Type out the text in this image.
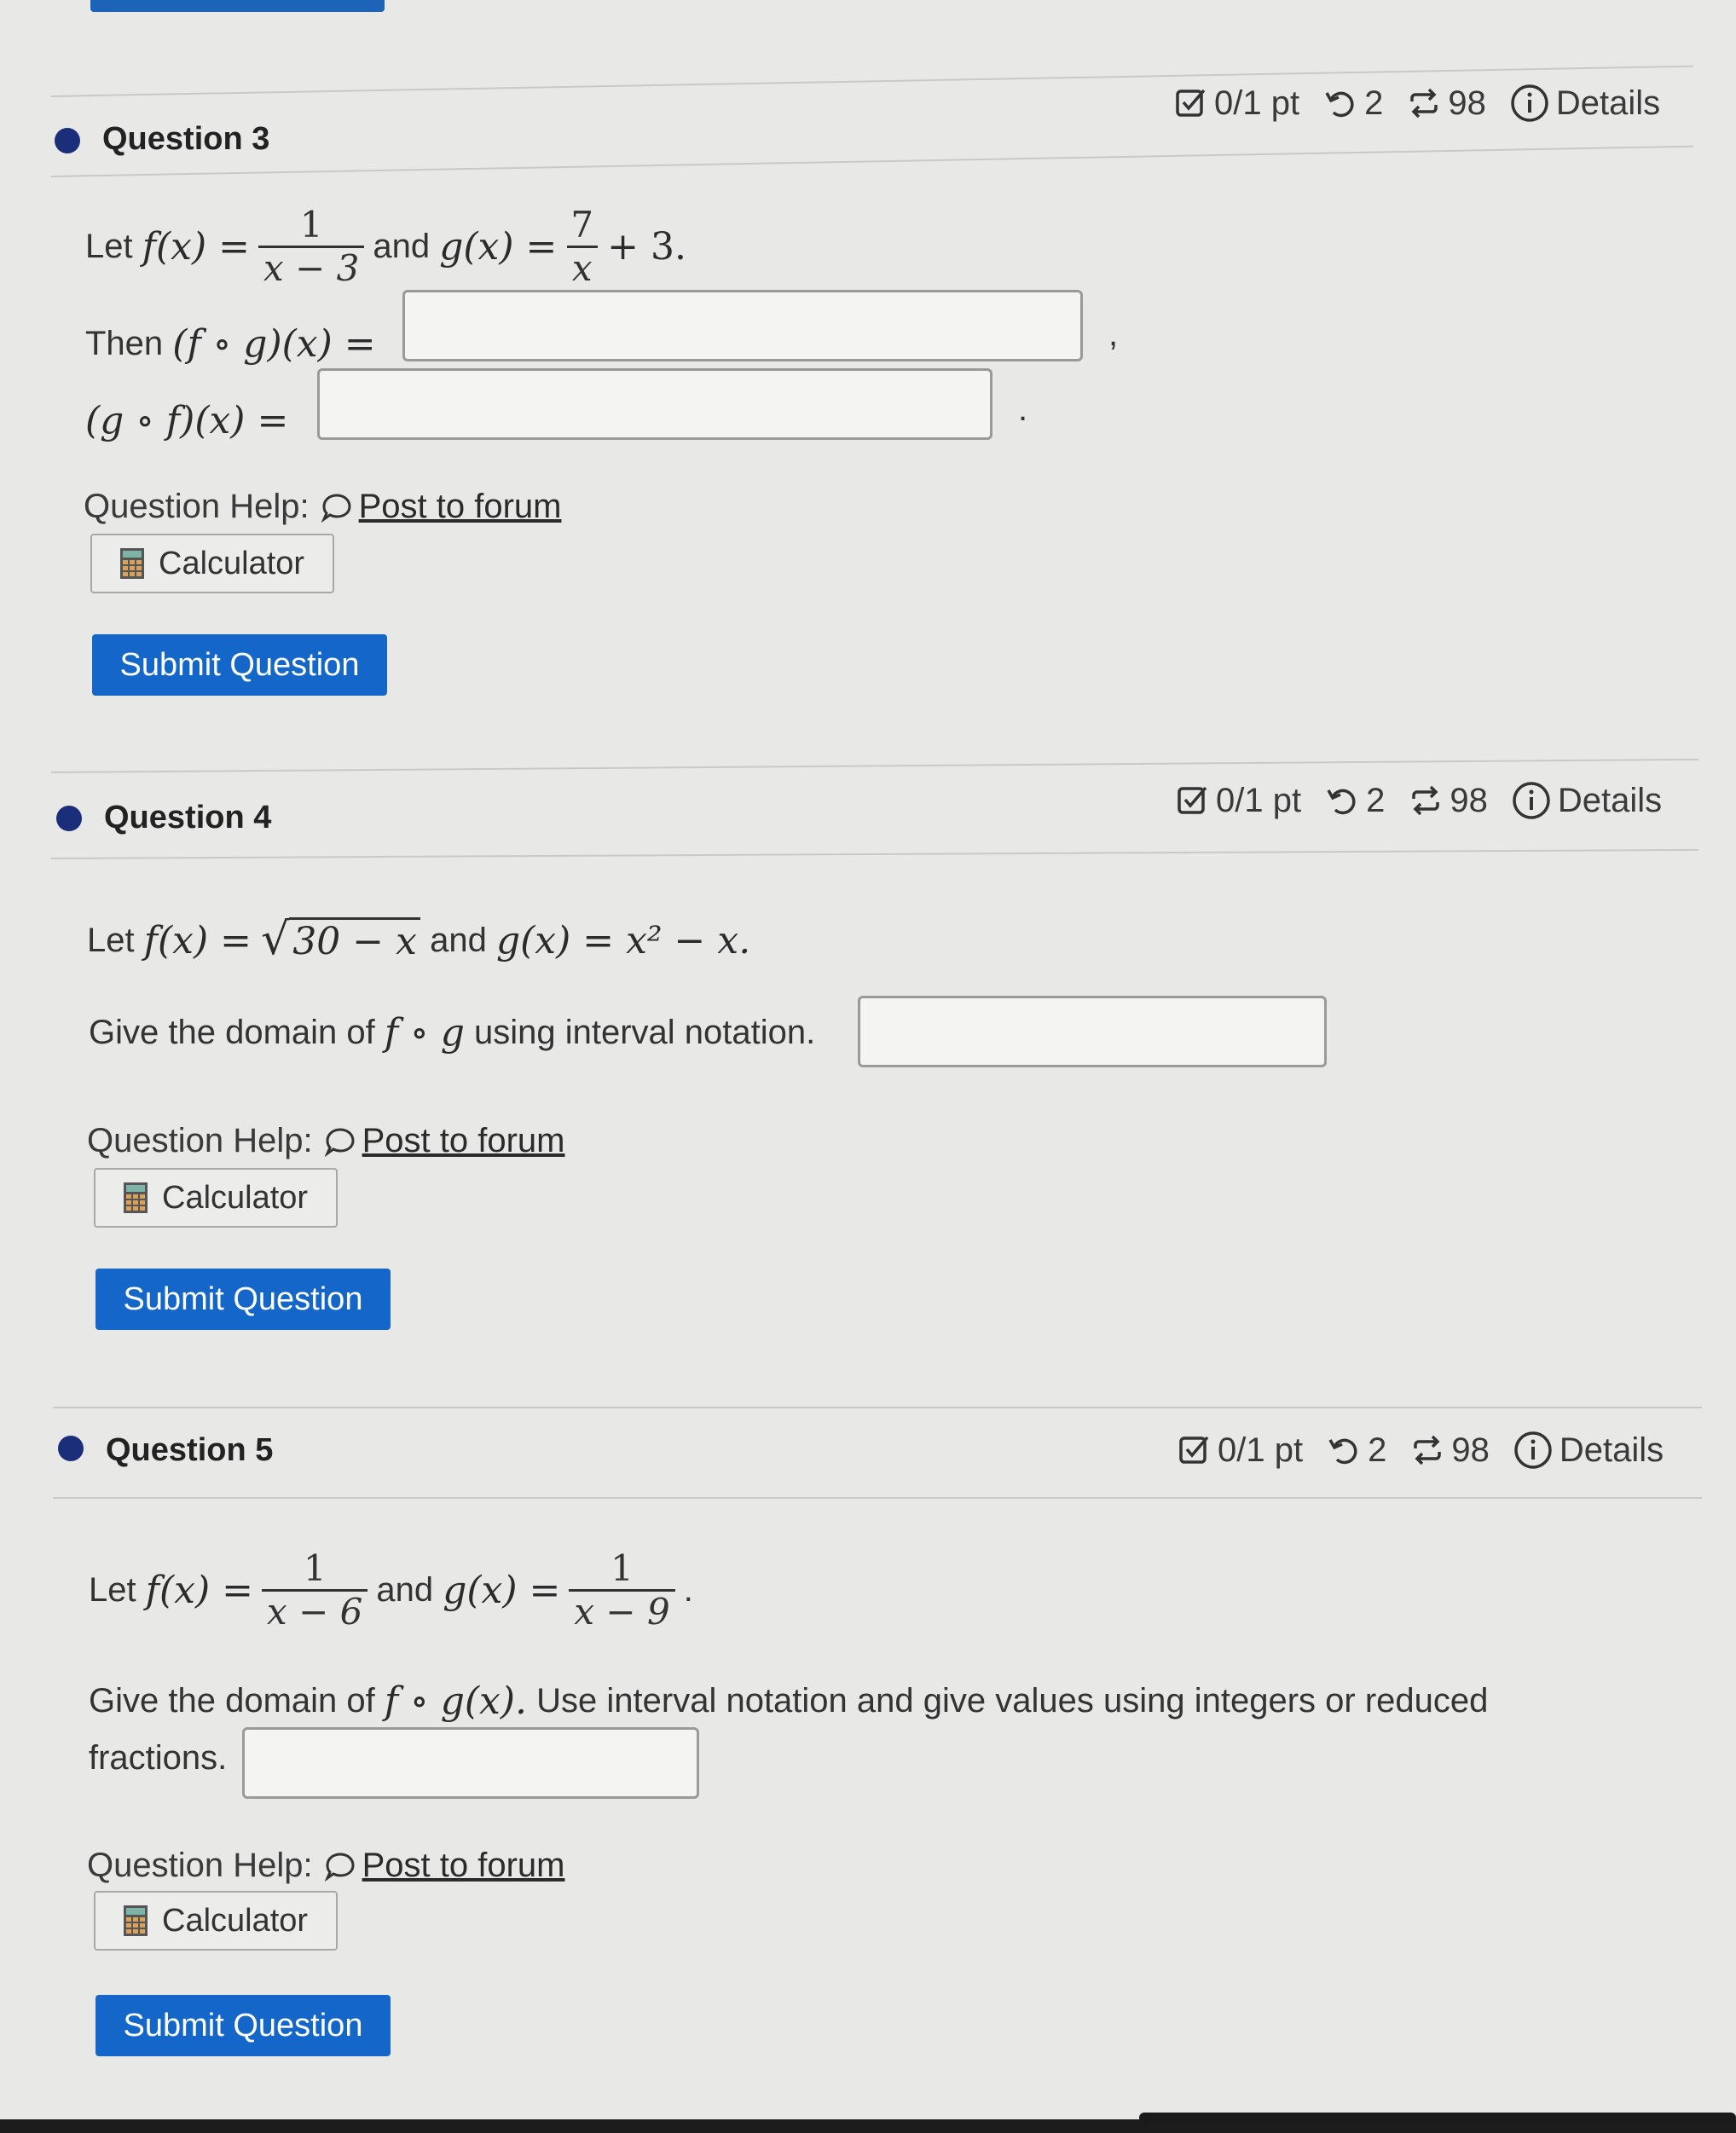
Question 3
0/1 pt 2 98 Details
Let
$f(x) = \frac{1}{x - 3}$ and
$g(x) = \frac{7}{x} + 3$.
Then
(f ∘ g)(x) =	,
(g ∘ f)(x) =	.
Question Help: Post to forum
Calculator
Submit Question
Question 4	0/1 pt 2 98 Details
Let
f(x) =
√ 30 − x
and
g(x) = x² − x.
Give the domain of
f ∘ g
using interval notation.
Question Help: Post to forum
Calculator
Submit Question
Question 5	0/1 pt 2 98 Details
Let
$f(x) = \frac{1}{x - 6}$ and
$g(x) = \frac{1}{x - 9}$ .
Give the domain of
f ∘ g(x).
Use interval notation and give values using integers or reduced
fractions.
Question Help: Post to forum
Calculator
Submit Question
